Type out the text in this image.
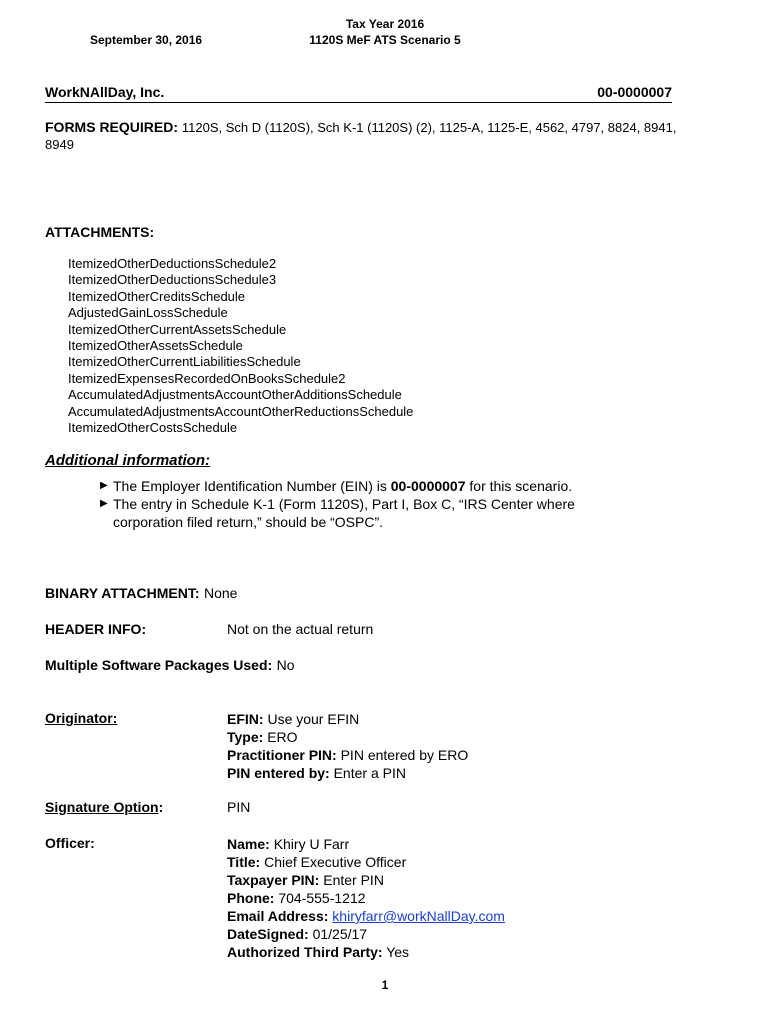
September 30, 2016
Tax Year 2016
1120S MeF ATS Scenario 5
WorkNAllDay, Inc.	00-0000007
FORMS REQUIRED: 1120S, Sch D (1120S), Sch K-1 (1120S) (2), 1125-A, 1125-E, 4562, 4797, 8824, 8941, 8949
ATTACHMENTS:
ItemizedOtherDeductionsSchedule2
ItemizedOtherDeductionsSchedule3
ItemizedOtherCreditsSchedule
AdjustedGainLossSchedule
ItemizedOtherCurrentAssetsSchedule
ItemizedOtherAssetsSchedule
ItemizedOtherCurrentLiabilitiesSchedule
ItemizedExpensesRecordedOnBooksSchedule2
AccumulatedAdjustmentsAccountOtherAdditionsSchedule
AccumulatedAdjustmentsAccountOtherReductionsSchedule
ItemizedOtherCostsSchedule
Additional information:
▶ The Employer Identification Number (EIN) is 00-0000007 for this scenario.
▶ The entry in Schedule K-1 (Form 1120S), Part I, Box C, “IRS Center where corporation filed return,” should be “OSPC”.
BINARY ATTACHMENT: None
HEADER INFO:	Not on the actual return
Multiple Software Packages Used: No
Originator:	EFIN: Use your EFIN
Type: ERO
Practitioner PIN: PIN entered by ERO
PIN entered by: Enter a PIN
Signature Option:	PIN
Officer:	Name: Khiry U Farr
Title: Chief Executive Officer
Taxpayer PIN: Enter PIN
Phone: 704-555-1212
Email Address: khiryfarr@workNallDay.com
DateSigned: 01/25/17
Authorized Third Party: Yes
1
